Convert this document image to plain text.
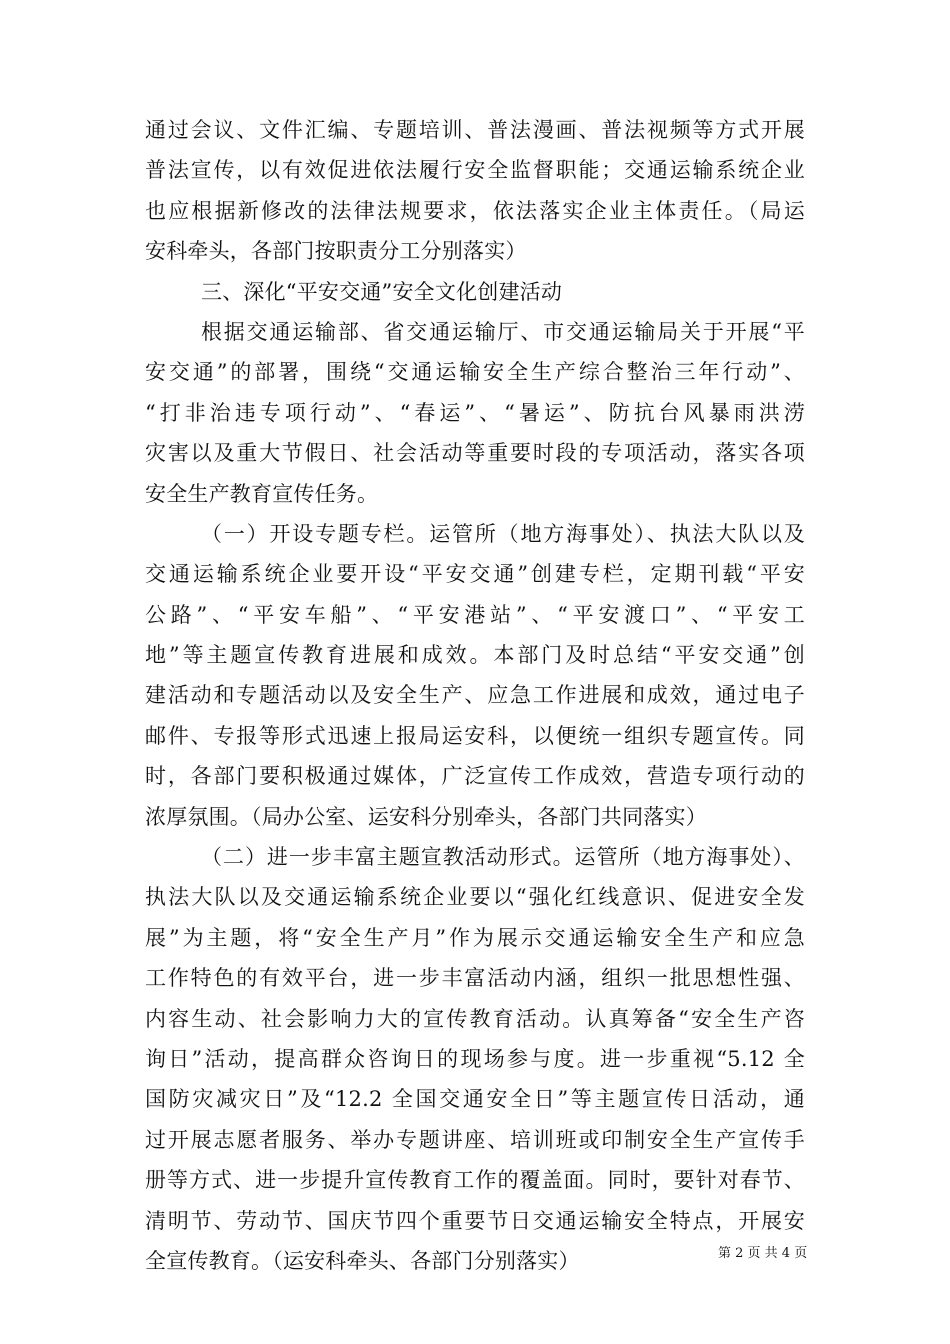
通过会议、文件汇编、专题培训、普法漫画、普法视频等方式开展
普法宣传，以有效促进依法履行安全监督职能；交通运输系统企业
也应根据新修改的法律法规要求，依法落实企业主体责任。（局运
安科牵头，各部门按职责分工分别落实）
三、深化“平安交通”安全文化创建活动
根据交通运输部、省交通运输厅、市交通运输局关于开展“平
安交通”的部署，围绕“交通运输安全生产综合整治三年行动”、
“打非治违专项行动”、“春运”、“暑运”、防抗台风暴雨洪涝
灾害以及重大节假日、社会活动等重要时段的专项活动，落实各项
安全生产教育宣传任务。
（一）开设专题专栏。运管所（地方海事处）、执法大队以及
交通运输系统企业要开设“平安交通”创建专栏，定期刊载“平安
公路”、“平安车船”、“平安港站”、“平安渡口”、“平安工
地”等主题宣传教育进展和成效。本部门及时总结“平安交通”创
建活动和专题活动以及安全生产、应急工作进展和成效，通过电子
邮件、专报等形式迅速上报局运安科，以便统一组织专题宣传。同
时，各部门要积极通过媒体，广泛宣传工作成效，营造专项行动的
浓厚氛围。（局办公室、运安科分别牵头，各部门共同落实）
（二）进一步丰富主题宣教活动形式。运管所（地方海事处）、
执法大队以及交通运输系统企业要以“强化红线意识、促进安全发
展”为主题，将“安全生产月”作为展示交通运输安全生产和应急
工作特色的有效平台，进一步丰富活动内涵，组织一批思想性强、
内容生动、社会影响力大的宣传教育活动。认真筹备“安全生产咨
询日”活动，提高群众咨询日的现场参与度。进一步重视“5.12 全
国防灾减灾日”及“12.2 全国交通安全日”等主题宣传日活动，通
过开展志愿者服务、举办专题讲座、培训班或印制安全生产宣传手
册等方式、进一步提升宣传教育工作的覆盖面。同时，要针对春节、
清明节、劳动节、国庆节四个重要节日交通运输安全特点，开展安
全宣传教育。（运安科牵头、各部门分别落实）	第 2 页 共 4 页
